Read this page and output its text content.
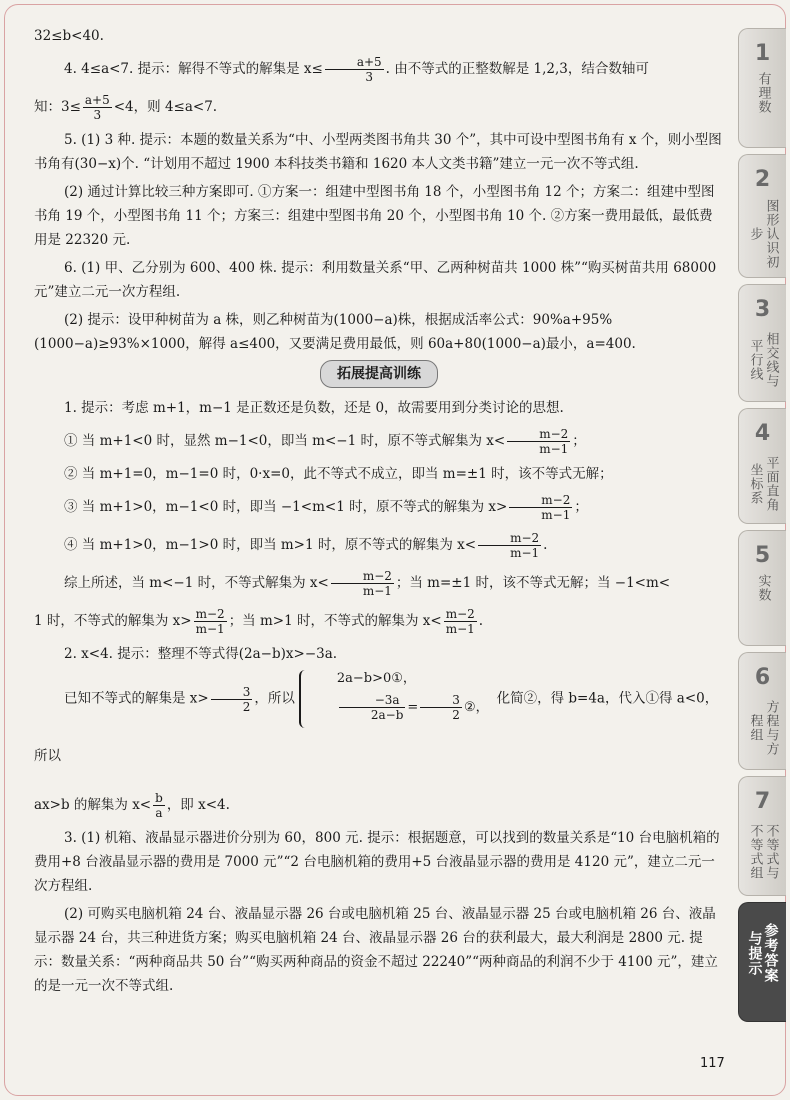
32≤b<40.

4. 4≤a<7. 提示：解得不等式的解集是 $x\le \frac{a+5}{3}$ . 由不等式的正整数解是 1,2,3，结合数轴可

知：$3\le \frac{a+5}{3} <4$，则 4≤a<7.

5. (1) 3 种. 提示：本题的数量关系为“中、小型两类图书角共 30 个”，其中可设中型图书角有 x 个，则小型图书角有(30−x)个. “计划用不超过 1900 本科技类书籍和 1620 本人文类书籍”建立一元一次不等式组.

(2) 通过计算比较三种方案即可. ①方案一：组建中型图书角 18 个，小型图书角 12 个；方案二：组建中型图书角 19 个，小型图书角 11 个；方案三：组建中型图书角 20 个，小型图书角 10 个. ②方案一费用最低，最低费用是 22320 元.

6. (1) 甲、乙分别为 600、400 株. 提示：利用数量关系“甲、乙两种树苗共 1000 株”“购买树苗共用 68000 元”建立二元一次方程组.

(2) 提示：设甲种树苗为 a 株，则乙种树苗为(1000−a)株，根据成活率公式：90%a+95%(1000−a)≥93%×1000，解得 a≤400，又要满足费用最低，则 60a+80(1000−a)最小，a=400.

拓展提高训练

1. 提示：考虑 m+1，m−1 是正数还是负数，还是 0，故需要用到分类讨论的思想.

① 当 m+1<0 时，显然 m−1<0，即当 m<−1 时，原不等式解集为 $x< \frac{m-2}{m-1}$ ；

② 当 m+1=0，m−1=0 时，0·x=0，此不等式不成立，即当 m=±1 时，该不等式无解；

③ 当 m+1>0，m−1<0 时，即当 −1<m<1 时，原不等式的解集为 $x> \frac{m-2}{m-1}$ ；

④ 当 m+1>0，m−1>0 时，即当 m>1 时，原不等式的解集为 $x< \frac{m-2}{m-1}$ .

综上所述，当 m<−1 时，不等式解集为 $x< \frac{m-2}{m-1}$ ；当 m=±1 时，该不等式无解；当 −1<m<

1 时，不等式的解集为 $x> \frac{m-2}{m-1}$ ；当 m>1 时，不等式的解集为 $x< \frac{m-2}{m-1}$ .

2. x<4. 提示：整理不等式得(2a−b)x>−3a.

已知不等式的解集是 $x> \frac{3}{2}$ ，所以
2a−b>0①，
$\frac{-3a}{2a-b} = \frac{3}{2}$ ②，
化简②，得 b=4a，代入①得 a<0，所以

ax>b 的解集为 $x< \frac{b}{a}$ ，即 x<4.

3. (1) 机箱、液晶显示器进价分别为 60，800 元. 提示：根据题意，可以找到的数量关系是“10 台电脑机箱的费用+8 台液晶显示器的费用是 7000 元”“2 台电脑机箱的费用+5 台液晶显示器的费用是 4120 元”，建立二元一次方程组.

(2) 可购买电脑机箱 24 台、液晶显示器 26 台或电脑机箱 25 台、液晶显示器 25 台或电脑机箱 26 台、液晶显示器 24 台，共三种进货方案；购买电脑机箱 24 台、液晶显示器 26 台的获利最大，最大利润是 2800 元. 提示：数量关系：“两种商品共 50 台”“购买两种商品的资金不超过 22240”“两种商品的利润不少于 4100 元”，建立的是一元一次不等式组.

1
有理数
2
图形认识初步
3
相交线与平行线
4
平面直角坐标系
5
实数
6
方程与方程组
7
不等式与不等式组
参考答案与提示
117
